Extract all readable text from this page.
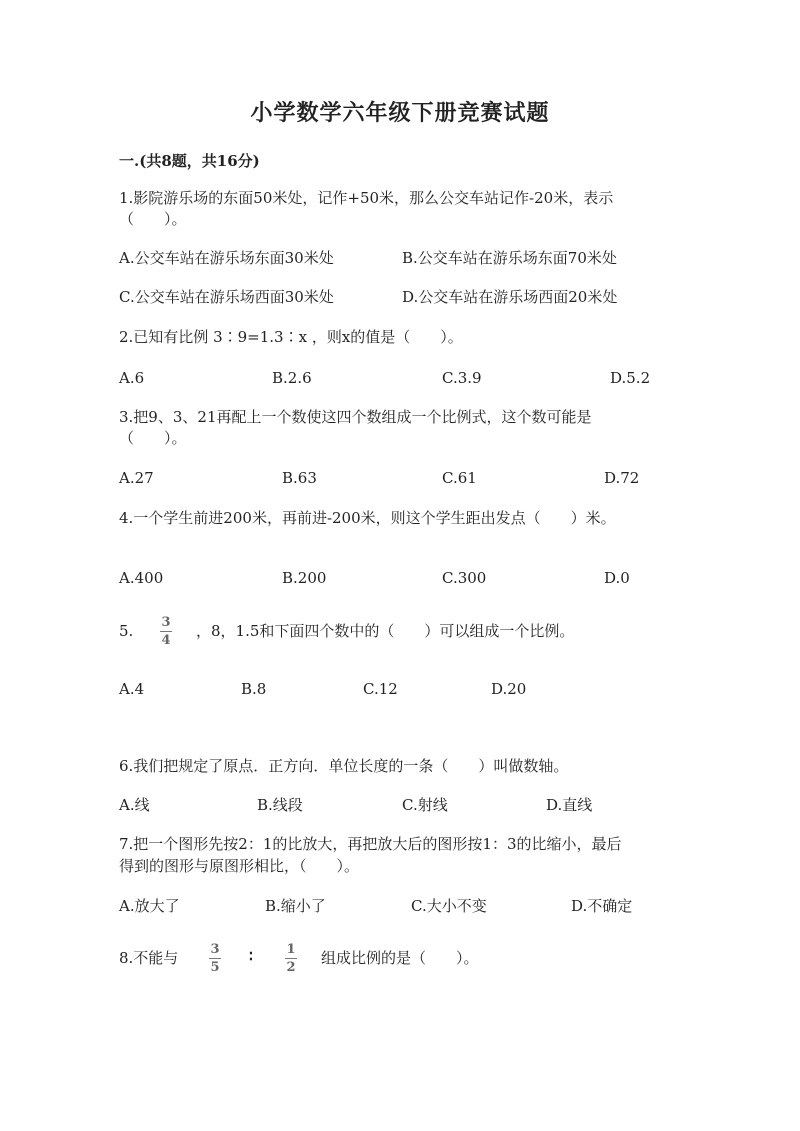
小学数学六年级下册竞赛试题
一.(共8题，共16分)
1.影院游乐场的东面50米处，记作+50米，那么公交车站记作-20米，表示
（　　）。
A.公交车站在游乐场东面30米处	B.公交车站在游乐场东面70米处
C.公交车站在游乐场西面30米处	D.公交车站在游乐场西面20米处
2.已知有比例 3∶9=1.3∶x ，则x的值是（　　）。
A.6	B.2.6	C.3.9	D.5.2
3.把9、3、21再配上一个数使这四个数组成一个比例式，这个数可能是
（　　）。
A.27	B.63	C.61	D.72
4.一个学生前进200米，再前进-200米，则这个学生距出发点（　　）米。
A.400	B.200	C.300	D.0
5. 3
4
，8，1.5和下面四个数中的（　　）可以组成一个比例。
A.4	B.8	C.12	D.20
6.我们把规定了原点．正方向．单位长度的一条（　　）叫做数轴。
A.线	B.线段	C.射线	D.直线
7.把一个图形先按2：1的比放大，再把放大后的图形按1：3的比缩小，最后
得到的图形与原图形相比，（　　）。
A.放大了	B.缩小了	C.大小不变	D.不确定
8.不能与 3
5
∶	1
2
组成比例的是（　　）。
